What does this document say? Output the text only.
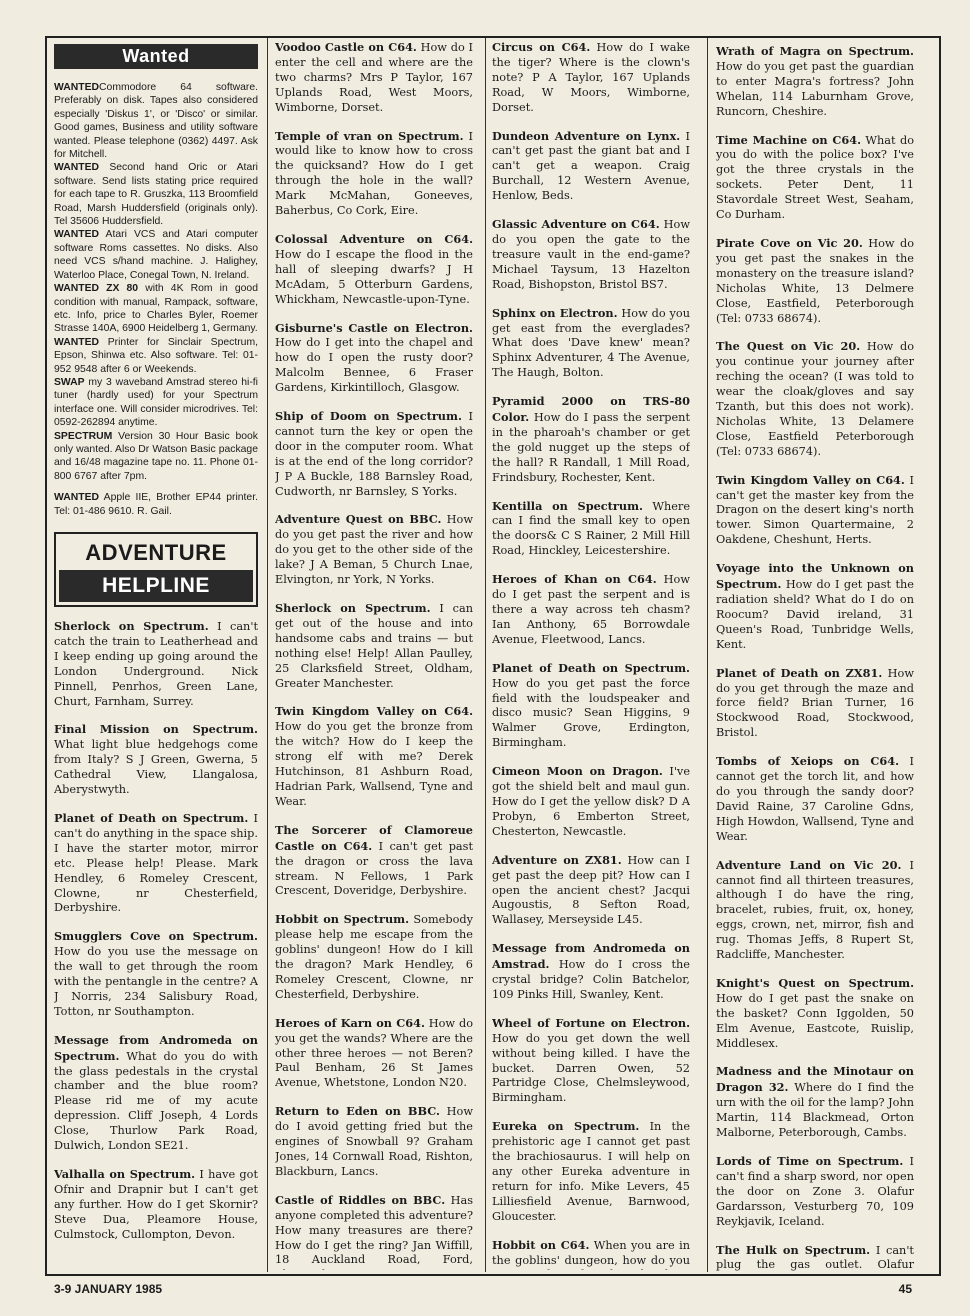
Wanted

WANTEDCommodore 64 software. Preferably on disk. Tapes also considered especially 'Diskus 1', or 'Disco' or similar. Good games, Business and utility software wanted. Please telephone (0362) 4497. Ask for Mitchell.

WANTED Second hand Oric or Atari software. Send lists stating price required for each tape to R. Gruszka, 113 Broomfield Road, Marsh Huddersfield (originals only). Tel 35606 Huddersfield.

WANTED Atari VCS and Atari computer software Roms cassettes. No disks. Also need VCS s/hand machine. J. Halighey, Waterloo Place, Conegal Town, N. Ireland.

WANTED ZX 80 with 4K Rom in good condition with manual, Rampack, software, etc. Info, price to Charles Byler, Roemer Strasse 140A, 6900 Heidelberg 1, Germany.

WANTED Printer for Sinclair Spectrum, Epson, Shinwa etc. Also software. Tel: 01-952 9548 after 6 or Weekends.

SWAP my 3 waveband Amstrad stereo hi-fi tuner (hardly used) for your Spectrum interface one. Will consider microdrives. Tel: 0592-262894 anytime.

SPECTRUM Version 30 Hour Basic book only wanted. Also Dr Watson Basic package and 16/48 magazine tape no. 11. Phone 01-800 6767 after 7pm.

WANTED Apple IIE, Brother EP44 printer. Tel: 01-486 9610. R. Gail.

ADVENTURE
HELPLINE

Sherlock on Spectrum. I can't catch the train to Leatherhead and I keep ending up going around the London Underground. Nick Pinnell, Penrhos, Green Lane, Churt, Farnham, Surrey.

Final Mission on Spectrum. What light blue hedgehogs come from Italy? S J Green, Gwerna, 5 Cathedral View, Llangalosa, Aberystwyth.

Planet of Death on Spectrum. I can't do anything in the space ship. I have the starter motor, mirror etc. Please help! Please. Mark Hendley, 6 Romeley Crescent, Clowne, nr Chesterfield, Derbyshire.

Smugglers Cove on Spectrum. How do you use the message on the wall to get through the room with the pentangle in the centre? A J Norris, 234 Salisbury Road, Totton, nr Southampton.

Message from Andromeda on Spectrum. What do you do with the glass pedestals in the crystal chamber and the blue room? Please rid me of my acute depression. Cliff Joseph, 4 Lords Close, Thurlow Park Road, Dulwich, London SE21.

Valhalla on Spectrum. I have got Ofnir and Drapnir but I can't get any further. How do I get Skornir? Steve Dua, Pleamore House, Culmstock, Cullompton, Devon.

Voodoo Castle on C64. How do I enter the cell and where are the two charms? Mrs P Taylor, 167 Uplands Road, West Moors, Wimborne, Dorset.

Temple of vran on Spectrum. I would like to know how to cross the quicksand? How do I get through the hole in the wall? Mark McMahan, Goneeves, Baherbus, Co Cork, Eire.

Colossal Adventure on C64. How do I escape the flood in the hall of sleeping dwarfs? J H McAdam, 5 Otterburn Gardens, Whickham, Newcastle-upon-Tyne.

Gisburne's Castle on Electron. How do I get into the chapel and how do I open the rusty door? Malcolm Bennee, 6 Fraser Gardens, Kirkintilloch, Glasgow.

Ship of Doom on Spectrum. I cannot turn the key or open the door in the computer room. What is at the end of the long corridor? J P A Buckle, 188 Barnsley Road, Cudworth, nr Barnsley, S Yorks.

Adventure Quest on BBC. How do you get past the river and how do you get to the other side of the lake? J A Beman, 5 Church Lnae, Elvington, nr York, N Yorks.

Sherlock on Spectrum. I can get out of the house and into handsome cabs and trains — but nothing else! Help! Allan Paulley, 25 Clarksfield Street, Oldham, Greater Manchester.

Twin Kingdom Valley on C64. How do you get the bronze from the witch? How do I keep the strong elf with me? Derek Hutchinson, 81 Ashburn Road, Hadrian Park, Wallsend, Tyne and Wear.

The Sorcerer of Clamoreue Castle on C64. I can't get past the dragon or cross the lava stream. N Fellows, 1 Park Crescent, Doveridge, Derbyshire.

Hobbit on Spectrum. Somebody please help me escape from the goblins' dungeon! How do I kill the dragon? Mark Hendley, 6 Romeley Crescent, Clowne, nr Chesterfield, Derbyshire.

Heroes of Karn on C64. How do you get the wands? Where are the other three heroes — not Beren? Paul Benham, 26 St James Avenue, Whetstone, London N20.

Return to Eden on BBC. How do I avoid getting fried but the engines of Snowball 9? Graham Jones, 14 Cornwall Road, Rishton, Blackburn, Lancs.

Castle of Riddles on BBC. Has anyone completed this adventure? How many treasures are there? How do I get the ring? Jan Wiffill, 18 Auckland Road, Ford,

Circus on C64. How do I wake the tiger? Where is the clown's note? P A Taylor, 167 Uplands Road, W Moors, Wimborne, Dorset.

Dundeon Adventure on Lynx. I can't get past the giant bat and I can't get a weapon. Craig Burchall, 12 Western Avenue, Henlow, Beds.

Glassic Adventure on C64. How do you open the gate to the treasure vault in the end-game? Michael Taysum, 13 Hazelton Road, Bishopston, Bristol BS7.

Sphinx on Electron. How do you get east from the everglades? What does 'Dave knew' mean? Sphinx Adventurer, 4 The Avenue, The Haugh, Bolton.

Pyramid 2000 on TRS-80 Color. How do I pass the serpent in the pharoah's chamber or get the gold nugget up the steps of the hall? R Randall, 1 Mill Road, Frindsbury, Rochester, Kent.

Kentilla on Spectrum. Where can I find the small key to open the doors& C S Rainer, 2 Mill Hill Road, Hinckley, Leicestershire.

Heroes of Khan on C64. How do I get past the serpent and is there a way across teh chasm? Ian Anthony, 65 Borrowdale Avenue, Fleetwood, Lancs.

Planet of Death on Spectrum. How do you get past the force field with the loudspeaker and disco music? Sean Higgins, 9 Walmer Grove, Erdington, Birmingham.

Cimeon Moon on Dragon. I've got the shield belt and maul gun. How do I get the yellow disk? D A Probyn, 6 Emberton Street, Chesterton, Newcastle.

Adventure on ZX81. How can I get past the deep pit? How can I open the ancient chest? Jacqui Augoustis, 8 Sefton Road, Wallasey, Merseyside L45.

Message from Andromeda on Amstrad. How do I cross the crystal bridge? Colin Batchelor, 109 Pinks Hill, Swanley, Kent.

Wheel of Fortune on Electron. How do you get down the well without being killed. I have the bucket. Darren Owen, 52 Partridge Close, Chelmsleywood, Birmingham.

Eureka on Spectrum. In the prehistoric age I cannot get past the brachiosaurus. I will help on any other Eureka adventure in return for info. Mike Levers, 45 Lilliesfield Avenue, Barnwood, Gloucester.

Hobbit on C64. When you are in the goblins' dungeon, how do you

Wrath of Magra on Spectrum. How do you get past the guardian to enter Magra's fortress? John Whelan, 114 Laburnham Grove, Runcorn, Cheshire.

Time Machine on C64. What do you do with the police box? I've got the three crystals in the sockets. Peter Dent, 11 Stavordale Street West, Seaham, Co Durham.

Pirate Cove on Vic 20. How do you get past the snakes in the monastery on the treasure island? Nicholas White, 13 Delmere Close, Eastfield, Peterborough (Tel: 0733 68674).

The Quest on Vic 20. How do you continue your journey after reching the ocean? (I was told to wear the cloak/gloves and say Tzanth, but this does not work). Nicholas White, 13 Delamere Close, Eastfield Peterborough (Tel: 0733 68674).

Twin Kingdom Valley on C64. I can't get the master key from the Dragon on the desert king's north tower. Simon Quartermaine, 2 Oakdene, Cheshunt, Herts.

Voyage into the Unknown on Spectrum. How do I get past the radiation sheld? What do I do on Roocum? David ireland, 31 Queen's Road, Tunbridge Wells, Kent.

Planet of Death on ZX81. How do you get through the maze and force field? Brian Turner, 16 Stockwood Road, Stockwood, Bristol.

Tombs of Xeiops on C64. I cannot get the torch lit, and how do you through the sandy door? David Raine, 37 Caroline Gdns, High Howdon, Wallsend, Tyne and Wear.

Adventure Land on Vic 20. I cannot find all thirteen treasures, although I do have the ring, bracelet, rubies, fruit, ox, honey, eggs, crown, net, mirror, fish and rug. Thomas Jeffs, 8 Rupert St, Radcliffe, Manchester.

Knight's Quest on Spectrum. How do I get past the snake on the basket? Conn Iggolden, 50 Elm Avenue, Eastcote, Ruislip, Middlesex.

Madness and the Minotaur on Dragon 32. Where do I find the urn with the oil for the lamp? John Martin, 114 Blackmead, Orton Malborne, Peterborough, Cambs.

Lords of Time on Spectrum. I can't find a sharp sword, nor open the door on Zone 3. Olafur Gardarsson, Vesturberg 70, 109 Reykjavik, Iceland.

The Hulk on Spectrum. I can't plug the gas outlet. Olafur

3-9 JANUARY 1985	45
